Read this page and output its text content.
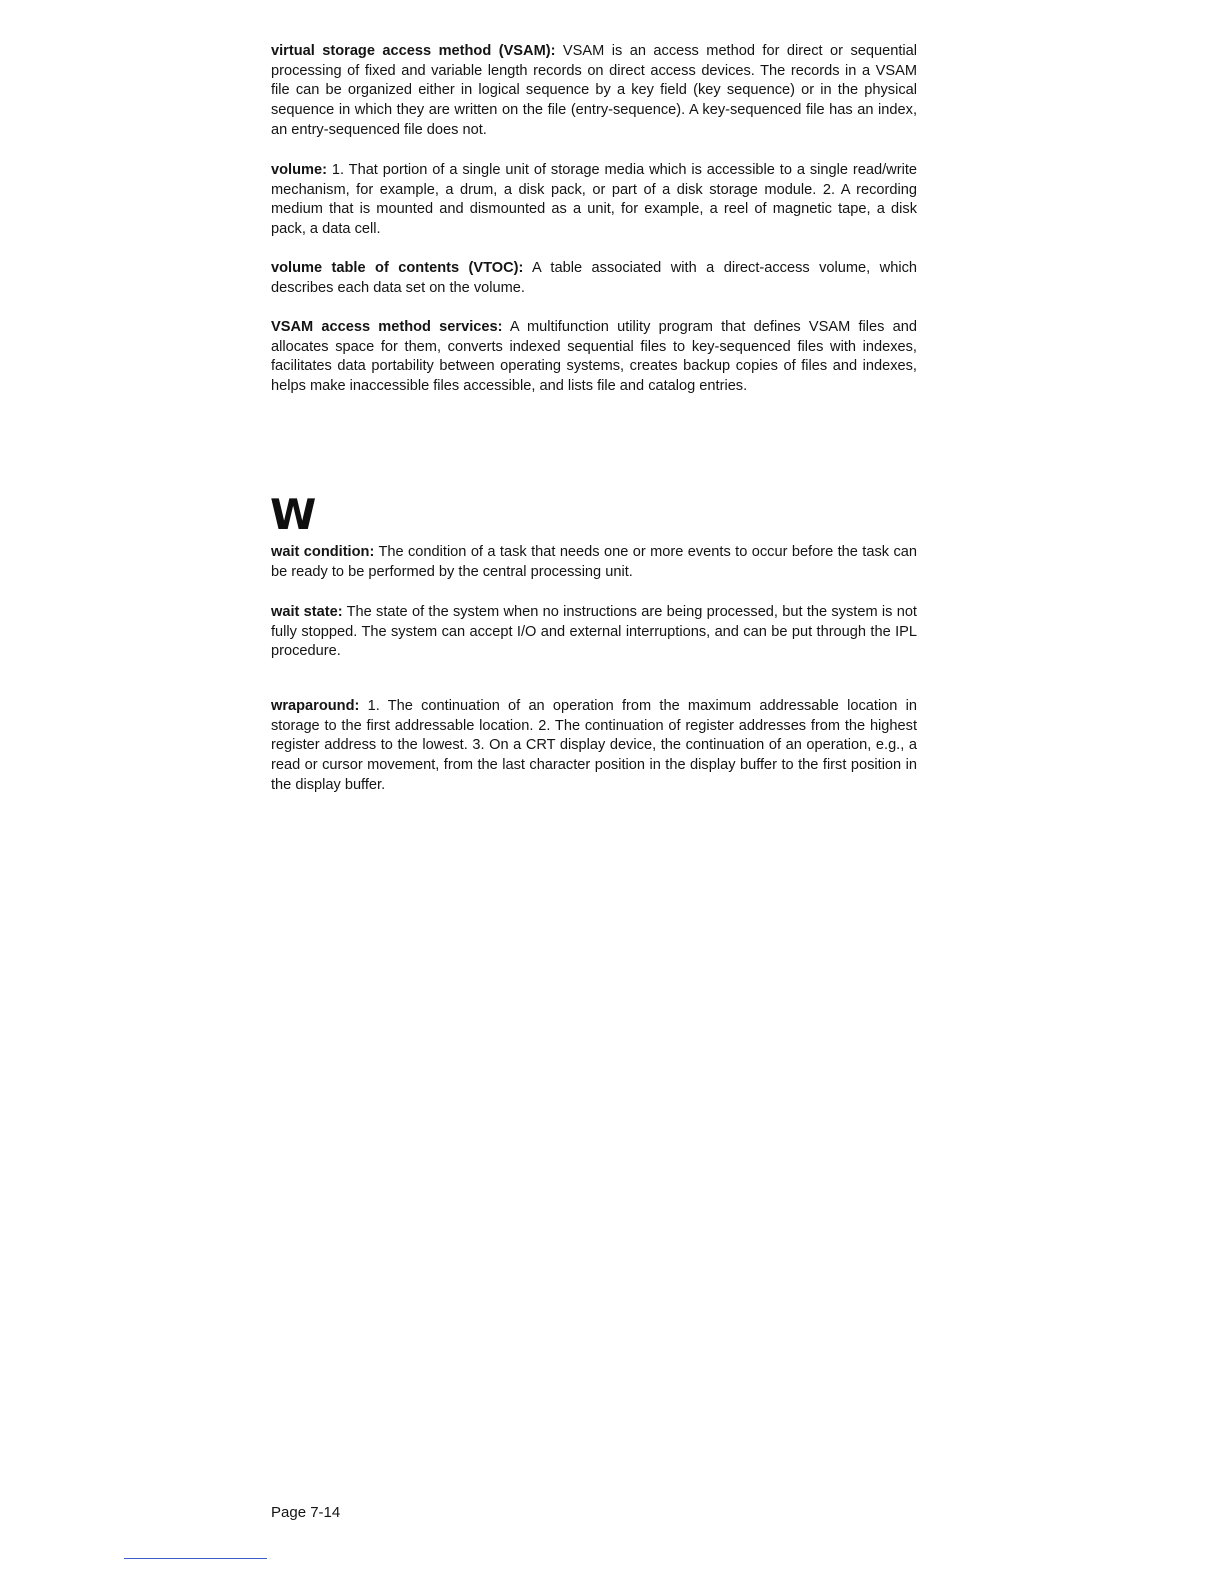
virtual storage access method (VSAM): VSAM is an access method for direct or sequential processing of fixed and variable length records on direct access devices. The records in a VSAM file can be organized either in logical sequence by a key field (key sequence) or in the physical sequence in which they are written on the file (entry-sequence). A key-sequenced file has an index, an entry-sequenced file does not.

volume: 1. That portion of a single unit of storage media which is accessible to a single read/write mechanism, for example, a drum, a disk pack, or part of a disk storage module. 2. A recording medium that is mounted and dismounted as a unit, for example, a reel of magnetic tape, a disk pack, a data cell.

volume table of contents (VTOC): A table associated with a direct-access volume, which describes each data set on the volume.

VSAM access method services: A multifunction utility program that defines VSAM files and allocates space for them, converts indexed sequential files to key-sequenced files with indexes, facilitates data portability between operating systems, creates backup copies of files and indexes, helps make inaccessible files accessible, and lists file and catalog entries.

W

wait condition: The condition of a task that needs one or more events to occur before the task can be ready to be performed by the central processing unit.

wait state: The state of the system when no instructions are being processed, but the system is not fully stopped. The system can accept I/O and external interruptions, and can be put through the IPL procedure.

wraparound: 1. The continuation of an operation from the maximum addressable location in storage to the first addressable location. 2. The continuation of register addresses from the highest register address to the lowest. 3. On a CRT display device, the continuation of an operation, e.g., a read or cursor movement, from the last character position in the display buffer to the first position in the display buffer.

Page 7-14
